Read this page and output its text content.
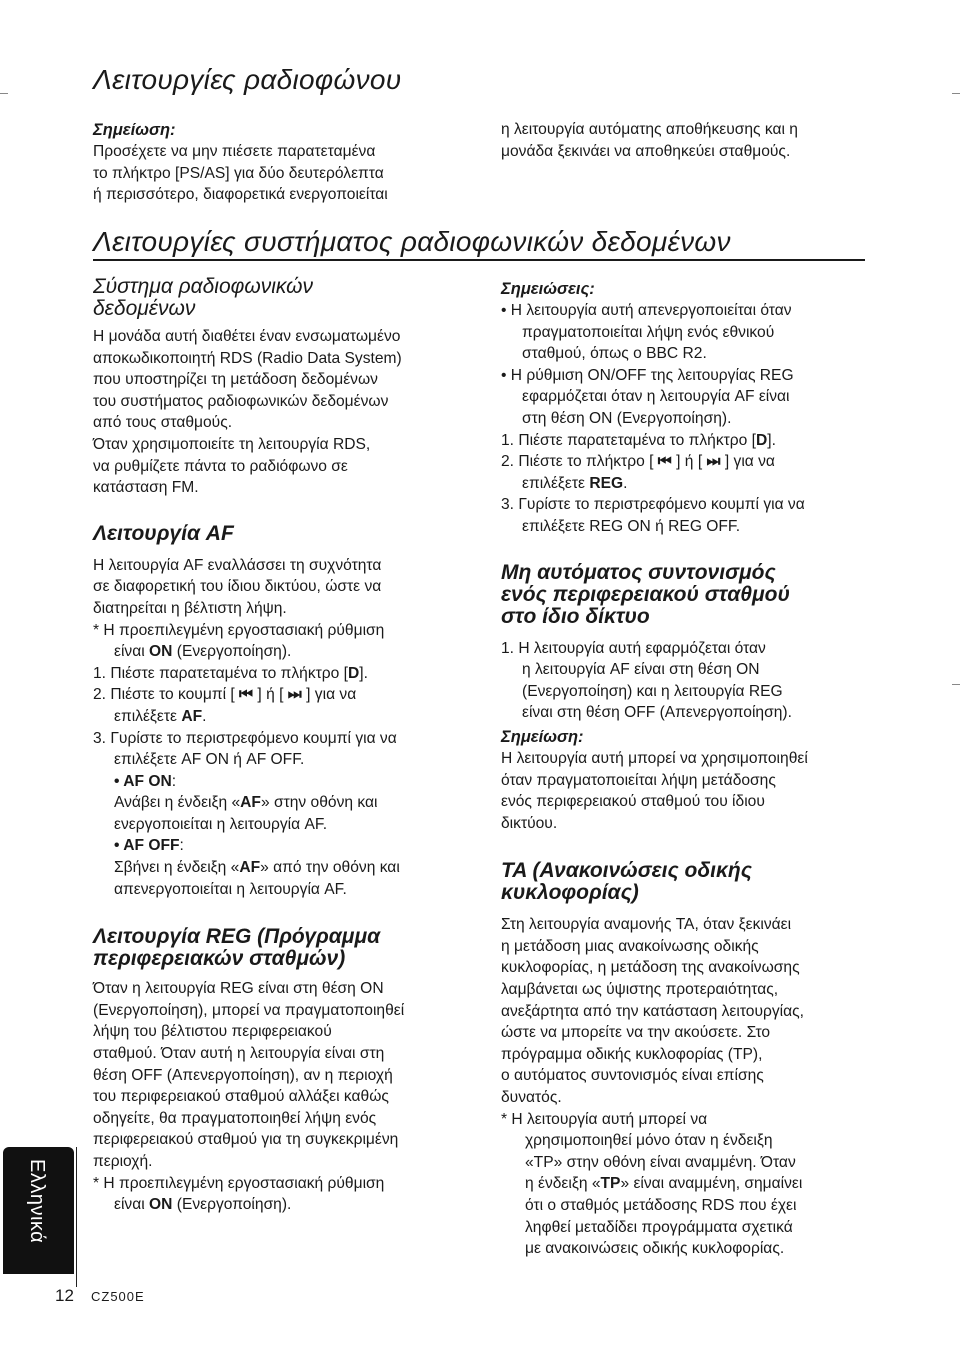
Λειτουργίες ραδιοφώνου
Σημείωση:

Προσέχετε να μην πιέσετε παρατεταμένα

το πλήκτρο [PS/AS] για δύο δευτερόλεπτα

ή περισσότερο, διαφορετικά ενεργοποιείται

η λειτουργία αυτόματης αποθήκευσης και η

μονάδα ξεκινάει να αποθηκεύει σταθμούς.

Λειτουργίες συστήματος ραδιοφωνικών δεδομένων
Σύστημα ραδιοφωνικών
δεδομένων

Η μονάδα αυτή διαθέτει έναν ενσωματωμένο

αποκωδικοποιητή RDS (Radio Data System)

που υποστηρίζει τη μετάδοση δεδομένων

του συστήματος ραδιοφωνικών δεδομένων

από τους σταθμούς.

Όταν χρησιμοποιείτε τη λειτουργία RDS,

να ρυθμίζετε πάντα το ραδιόφωνο σε

κατάσταση FM.

Λειτουργία AF

Η λειτουργία AF εναλλάσσει τη συχνότητα

σε διαφορετική του ίδιου δικτύου, ώστε να

διατηρείται η βέλτιστη λήψη.

* Η προεπιλεγμένη εργοστασιακή ρύθμιση

είναι ON (Ενεργοποίηση).

1. Πιέστε παρατεταμένα το πλήκτρο [D].

2. Πιέστε το κουμπί [ ⏮ ] ή [ ⏭ ] για να

επιλέξετε AF.

3. Γυρίστε το περιστρεφόμενο κουμπί για να

επιλέξετε AF ON ή AF OFF.

• AF ON:

Ανάβει η ένδειξη «AF» στην οθόνη και

ενεργοποιείται η λειτουργία AF.

• AF OFF:

Σβήνει η ένδειξη «AF» από την οθόνη και

απενεργοποιείται η λειτουργία AF.

Λειτουργία REG (Πρόγραμμα
περιφερειακών σταθμών)

Όταν η λειτουργία REG είναι στη θέση ON

(Ενεργοποίηση), μπορεί να πραγματοποιηθεί

λήψη του βέλτιστου περιφερειακού

σταθμού. Όταν αυτή η λειτουργία είναι στη

θέση OFF (Απενεργοποίηση), αν η περιοχή

του περιφερειακού σταθμού αλλάξει καθώς

οδηγείτε, θα πραγματοποιηθεί λήψη ενός

περιφερειακού σταθμού για τη συγκεκριμένη

περιοχή.

* Η προεπιλεγμένη εργοστασιακή ρύθμιση

είναι ON (Ενεργοποίηση).

Σημειώσεις:

• Η λειτουργία αυτή απενεργοποιείται όταν

πραγματοποιείται λήψη ενός εθνικού

σταθμού, όπως ο BBC R2.

• Η ρύθμιση ON/OFF της λειτουργίας REG

εφαρμόζεται όταν η λειτουργία AF είναι

στη θέση ON (Ενεργοποίηση).

1. Πιέστε παρατεταμένα το πλήκτρο [D].

2. Πιέστε το πλήκτρο [ ⏮ ] ή [ ⏭ ] για να

επιλέξετε REG.

3. Γυρίστε το περιστρεφόμενο κουμπί για να

επιλέξετε REG ON ή REG OFF.

Μη αυτόματος συντονισμός
ενός περιφερειακού σταθμού
στο ίδιο δίκτυο

1. Η λειτουργία αυτή εφαρμόζεται όταν

η λειτουργία AF είναι στη θέση ON

(Ενεργοποίηση) και η λειτουργία REG

είναι στη θέση OFF (Απενεργοποίηση).

Σημείωση:

Η λειτουργία αυτή μπορεί να χρησιμοποιηθεί

όταν πραγματοποιείται λήψη μετάδοσης

ενός περιφερειακού σταθμού του ίδιου

δικτύου.

TA (Ανακοινώσεις οδικής
κυκλοφορίας)

Στη λειτουργία αναμονής TA, όταν ξεκινάει

η μετάδοση μιας ανακοίνωσης οδικής

κυκλοφορίας, η μετάδοση της ανακοίνωσης

λαμβάνεται ως ύψιστης προτεραιότητας,

ανεξάρτητα από την κατάσταση λειτουργίας,

ώστε να μπορείτε να την ακούσετε. Στο

πρόγραμμα οδικής κυκλοφορίας (TP),

ο αυτόματος συντονισμός είναι επίσης

δυνατός.

* Η λειτουργία αυτή μπορεί να

χρησιμοποιηθεί μόνο όταν η ένδειξη

«TP» στην οθόνη είναι αναμμένη. Όταν

η ένδειξη «TP» είναι αναμμένη, σημαίνει

ότι ο σταθμός μετάδοσης RDS που έχει

ληφθεί μεταδίδει προγράμματα σχετικά

με ανακοινώσεις οδικής κυκλοφορίας.

Ελληνικά
12 CZ500E
